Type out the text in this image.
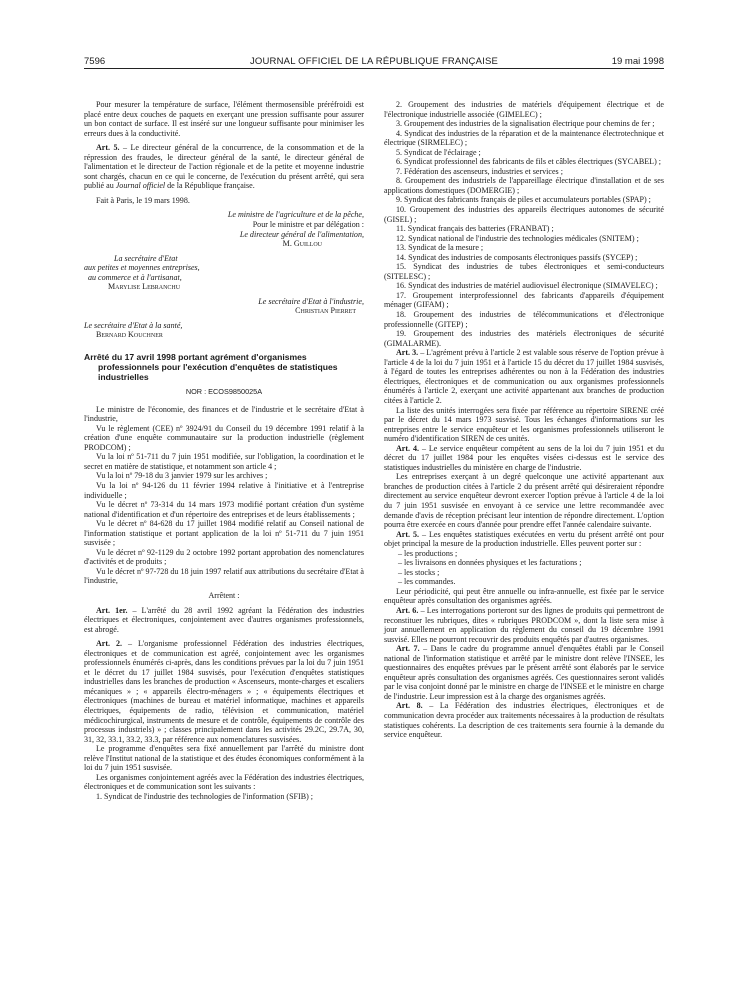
7596	JOURNAL OFFICIEL DE LA RÉPUBLIQUE FRANÇAISE	19 mai 1998

Pour mesurer la température de surface, l'élément thermosensible préréfroidi est placé entre deux couches de paquets en exerçant une pression suffisante pour assurer un bon contact de surface. Il est inséré sur une longueur suffisante pour minimiser les erreurs dues à la conductivité.

Art. 5. – Le directeur général de la concurrence, de la consommation et de la répression des fraudes, le directeur général de la santé, le directeur général de l'alimentation et le directeur de l'action régionale et de la petite et moyenne industrie sont chargés, chacun en ce qui le concerne, de l'exécution du présent arrêté, qui sera publié au Journal officiel de la République française.

Fait à Paris, le 19 mars 1998.

Le ministre de l'agriculture et de la pêche,

Pour le ministre et par délégation :

Le directeur général de l'alimentation,

M. Guillou

La secrétaire d'Etat

aux petites et moyennes entreprises,

au commerce et à l'artisanat,

Marylise Lebranchu

Le secrétaire d'Etat à l'industrie,

Christian Pierret

Le secrétaire d'Etat à la santé,

Bernard Kouchner

Arrêté du 17 avril 1998 portant agrément d'organismes professionnels pour l'exécution d'enquêtes de statistiques industrielles

NOR : ECOS9850025A

Le ministre de l'économie, des finances et de l'industrie et le secrétaire d'Etat à l'industrie,

Vu le règlement (CEE) nº 3924/91 du Conseil du 19 décembre 1991 relatif à la création d'une enquête communautaire sur la production industrielle (règlement PRODCOM) ;

Vu la loi nº 51-711 du 7 juin 1951 modifiée, sur l'obligation, la coordination et le secret en matière de statistique, et notamment son article 4 ;

Vu la loi nº 79-18 du 3 janvier 1979 sur les archives ;

Vu la loi nº 94-126 du 11 février 1994 relative à l'initiative et à l'entreprise individuelle ;

Vu le décret nº 73-314 du 14 mars 1973 modifié portant création d'un système national d'identification et d'un répertoire des entreprises et de leurs établissements ;

Vu le décret nº 84-628 du 17 juillet 1984 modifié relatif au Conseil national de l'information statistique et portant application de la loi nº 51-711 du 7 juin 1951 susvisée ;

Vu le décret nº 92-1129 du 2 octobre 1992 portant approbation des nomenclatures d'activités et de produits ;

Vu le décret nº 97-728 du 18 juin 1997 relatif aux attributions du secrétaire d'Etat à l'industrie,

Arrêtent :

Art. 1er. – L'arrêté du 28 avril 1992 agréant la Fédération des industries électriques et électroniques, conjointement avec d'autres organismes professionnels, est abrogé.

Art. 2. – L'organisme professionnel Fédération des industries électriques, électroniques et de communication est agréé, conjointement avec les organismes professionnels énumérés ci-après, dans les conditions prévues par la loi du 7 juin 1951 et le décret du 17 juillet 1984 susvisés, pour l'exécution d'enquêtes statistiques industrielles dans les branches de production « Ascenseurs, monte-charges et escaliers mécaniques » ; « appareils électro-ménagers » ; « équipements électriques et électroniques (machines de bureau et matériel informatique, machines et appareils électriques, équipements de radio, télévision et communication, matériel médicochirurgical, instruments de mesure et de contrôle, équipements de contrôle des processus industriels) » ; classes principalement dans les activités 29.2C, 29.7A, 30, 31, 32, 33.1, 33.2, 33.3, par référence aux nomenclatures susvisées.

Le programme d'enquêtes sera fixé annuellement par l'arrêté du ministre dont relève l'Institut national de la statistique et des études économiques conformément à la loi du 7 juin 1951 susvisée.

Les organismes conjointement agréés avec la Fédération des industries électriques, électroniques et de communication sont les suivants :

1. Syndicat de l'industrie des technologies de l'information (SFIB) ;

2. Groupement des industries de matériels d'équipement électrique et de l'électronique industrielle associée (GIMELEC) ;

3. Groupement des industries de la signalisation électrique pour chemins de fer ;

4. Syndicat des industries de la réparation et de la maintenance électrotechnique et électrique (SIRMELEC) ;

5. Syndicat de l'éclairage ;

6. Syndicat professionnel des fabricants de fils et câbles électriques (SYCABEL) ;

7. Fédération des ascenseurs, industries et services ;

8. Groupement des industriels de l'appareillage électrique d'installation et de ses applications domestiques (DOMERGIE) ;

9. Syndicat des fabricants français de piles et accumulateurs portables (SPAP) ;

10. Groupement des industries des appareils électriques autonomes de sécurité (GISEL) ;

11. Syndicat français des batteries (FRANBAT) ;

12. Syndicat national de l'industrie des technologies médicales (SNITEM) ;

13. Syndicat de la mesure ;

14. Syndicat des industries de composants électroniques passifs (SYCEP) ;

15. Syndicat des industries de tubes électroniques et semi-conducteurs (SITELESC) ;

16. Syndicat des industries de matériel audiovisuel électronique (SIMAVELEC) ;

17. Groupement interprofessionnel des fabricants d'appareils d'équipement ménager (GIFAM) ;

18. Groupement des industries de télécommunications et d'électronique professionnelle (GITEP) ;

19. Groupement des industries des matériels électroniques de sécurité (GIMALARME).

Art. 3. – L'agrément prévu à l'article 2 est valable sous réserve de l'option prévue à l'article 4 de la loi du 7 juin 1951 et à l'article 15 du décret du 17 juillet 1984 susvisés, à l'égard de toutes les entreprises adhérentes ou non à la Fédération des industries électriques, électroniques et de communication ou aux organismes professionnels énumérés à l'article 2, exerçant une activité appartenant aux branches de production citées à l'article 2.

La liste des unités interrogées sera fixée par référence au répertoire SIRENE créé par le décret du 14 mars 1973 susvisé. Tous les échanges d'informations sur les entreprises entre le service enquêteur et les organismes professionnels utiliseront le numéro d'identification SIREN de ces unités.

Art. 4. – Le service enquêteur compétent au sens de la loi du 7 juin 1951 et du décret du 17 juillet 1984 pour les enquêtes visées ci-dessus est le service des statistiques industrielles du ministère en charge de l'industrie.

Les entreprises exerçant à un degré quelconque une activité appartenant aux branches de production citées à l'article 2 du présent arrêté qui désireraient répondre directement au service enquêteur devront exercer l'option prévue à l'article 4 de la loi du 7 juin 1951 susvisée en envoyant à ce service une lettre recommandée avec demande d'avis de réception précisant leur intention de répondre directement. L'option pourra être exercée en cours d'année pour prendre effet l'année calendaire suivante.

Art. 5. – Les enquêtes statistiques exécutées en vertu du présent arrêté ont pour objet principal la mesure de la production industrielle. Elles peuvent porter sur :

– les productions ;

– les livraisons en données physiques et les facturations ;

– les stocks ;

– les commandes.

Leur périodicité, qui peut être annuelle ou infra-annuelle, est fixée par le service enquêteur après consultation des organismes agréés.

Art. 6. – Les interrogations porteront sur des lignes de produits qui permettront de reconstituer les rubriques, dites « rubriques PRODCOM », dont la liste sera mise à jour annuellement en application du règlement du conseil du 19 décembre 1991 susvisé. Elles ne pourront recouvrir des produits enquêtés par d'autres organismes.

Art. 7. – Dans le cadre du programme annuel d'enquêtes établi par le Conseil national de l'information statistique et arrêté par le ministre dont relève l'INSEE, les questionnaires des enquêtes prévues par le présent arrêté sont élaborés par le service enquêteur après consultation des organismes agréés. Ces questionnaires seront validés par le visa conjoint donné par le ministre en charge de l'INSEE et le ministre en charge de l'industrie. Leur impression est à la charge des organismes agréés.

Art. 8. – La Fédération des industries électriques, électroniques et de communication devra procéder aux traitements nécessaires à la production de résultats statistiques cohérents. La description de ces traitements sera fournie à la demande du service enquêteur.
